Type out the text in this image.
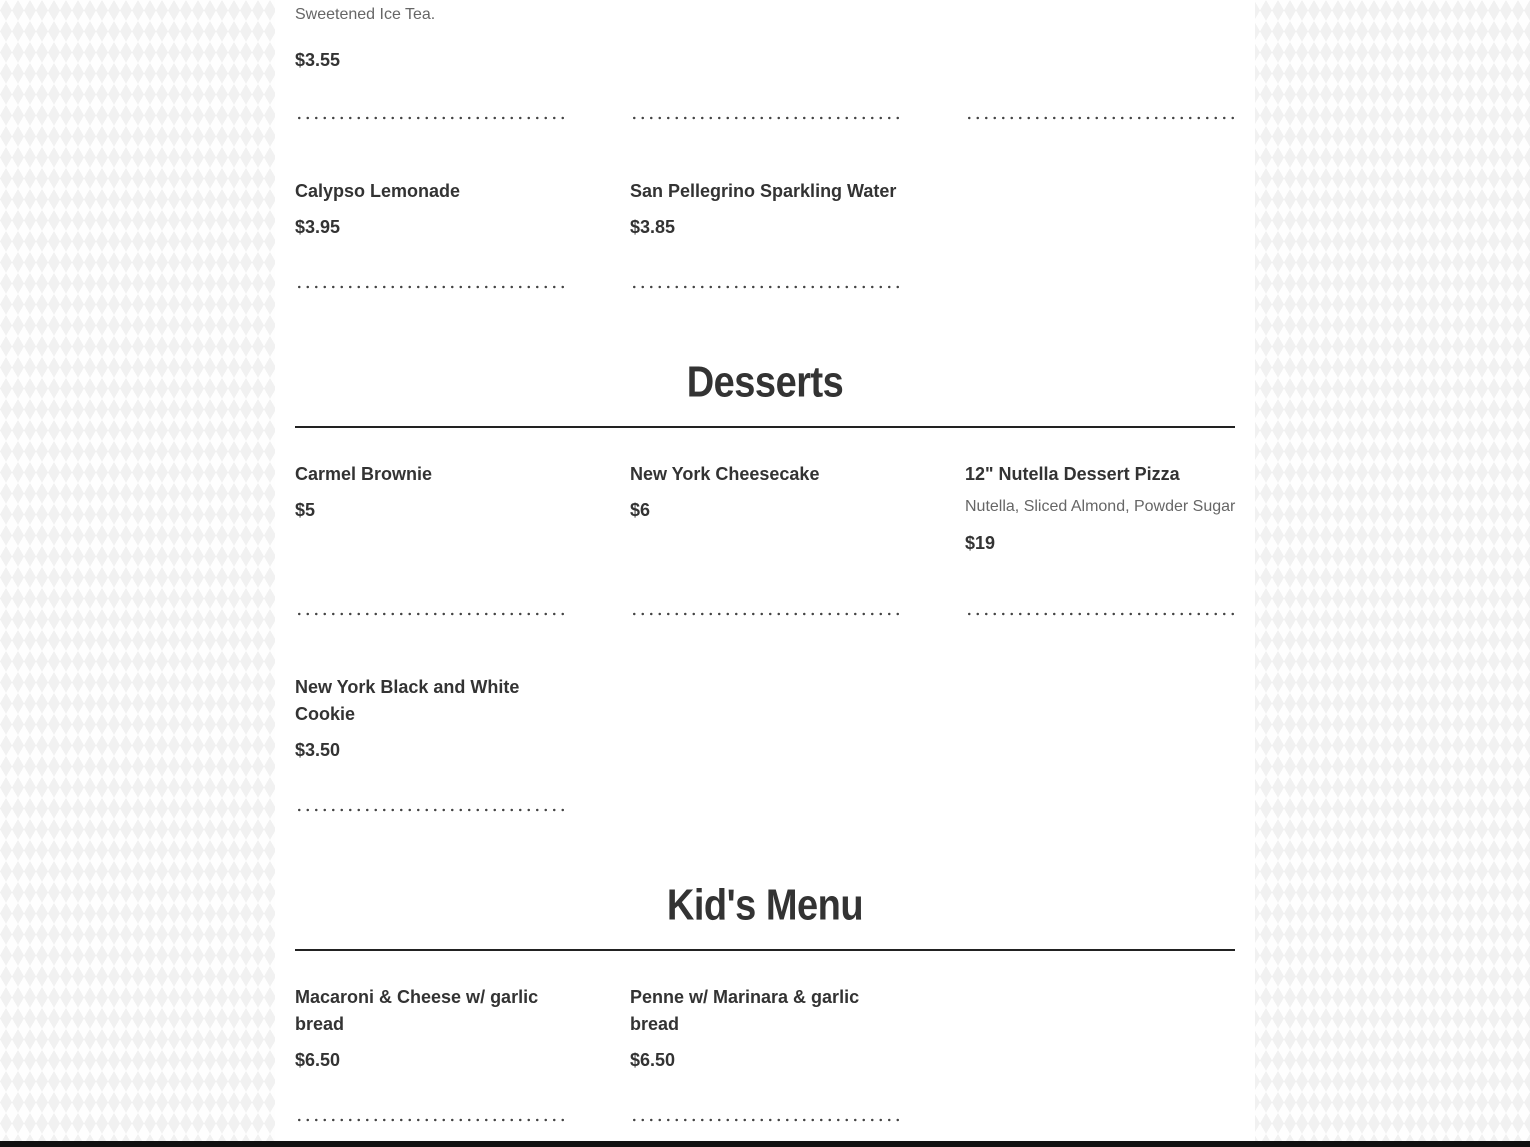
Sweetened Ice Tea.
$3.55
Calypso Lemonade
$3.95
San Pellegrino Sparkling Water
$3.85
Desserts
Carmel Brownie
$5
New York Cheesecake
$6
12" Nutella Dessert Pizza
Nutella, Sliced Almond, Powder Sugar
$19
New York Black and White Cookie
$3.50
Kid's Menu
Macaroni & Cheese w/ garlic bread
$6.50
Penne w/ Marinara & garlic bread
$6.50
